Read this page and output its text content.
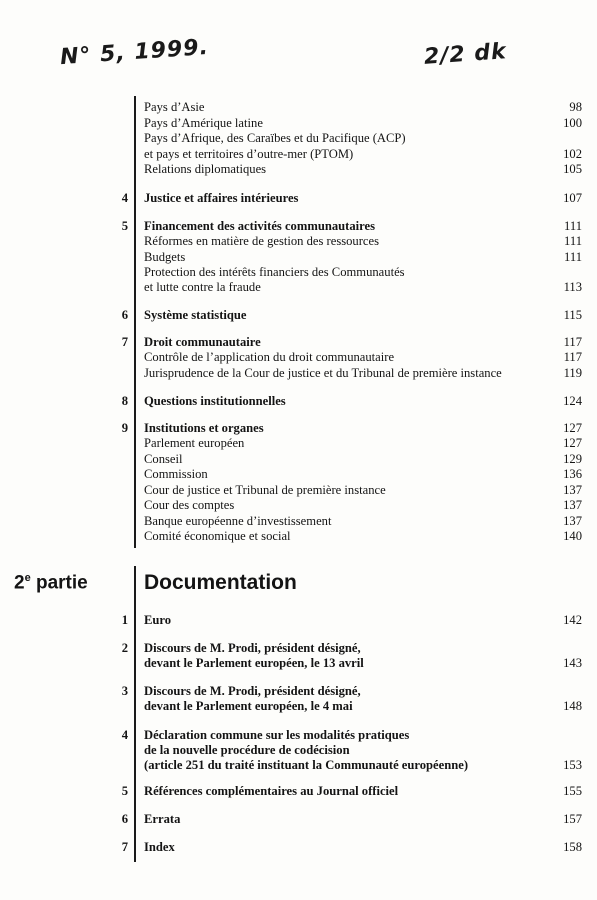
N° 5, 1999.	2/2 dk
Pays d’Asie	98
Pays d’Amérique latine	100
Pays d’Afrique, des Caraïbes et du Pacifique (ACP)
et pays et territoires d’outre-mer (PTOM)	102
Relations diplomatiques	105
4 Justice et affaires intérieures	107
5 Financement des activités communautaires	111
Réformes en matière de gestion des ressources	111
Budgets	111
Protection des intérêts financiers des Communautés
et lutte contre la fraude	113
6 Système statistique	115
7 Droit communautaire	117
Contrôle de l’application du droit communautaire	117
Jurisprudence de la Cour de justice et du Tribunal de première instance	119
8 Questions institutionnelles	124
9 Institutions et organes	127
Parlement européen	127
Conseil	129
Commission	136
Cour de justice et Tribunal de première instance	137
Cour des comptes	137
Banque européenne d’investissement	137
Comité économique et social	140
2e partie	Documentation
1 Euro	142
2 Discours de M. Prodi, président désigné,
devant le Parlement européen, le 13 avril	143
3 Discours de M. Prodi, président désigné,
devant le Parlement européen, le 4 mai	148
4 Déclaration commune sur les modalités pratiques
de la nouvelle procédure de codécision
(article 251 du traité instituant la Communauté européenne)	153
5 Références complémentaires au Journal officiel	155
6 Errata	157
7 Index	158
